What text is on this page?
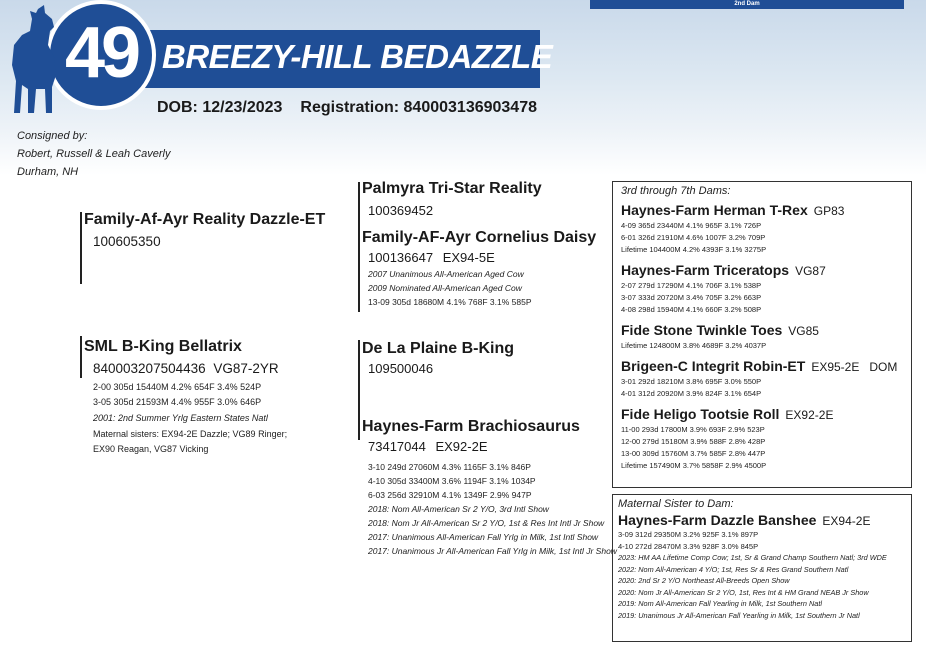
2nd Dam
49 BREEZY-HILL BEDAZZLE
DOB: 12/23/2023 Registration: 840003136903478
Consigned by:
Robert, Russell & Leah Caverly
Durham, NH
Family-Af-Ayr Reality Dazzle-ET
100605350
SML B-King Bellatrix
840003207504436 VG87-2YR
2-00 305d 15440M 4.2% 654F 3.4% 524P
3-05 305d 21593M 4.4% 955F 3.0% 646P
2001: 2nd Summer Yrlg Eastern States Natl
Maternal sisters: EX94-2E Dazzle; VG89 Ringer;
EX90 Reagan, VG87 Vicking
Palmyra Tri-Star Reality
100369452
Family-AF-Ayr Cornelius Daisy
100136647 EX94-5E
2007 Unanimous All-American Aged Cow
2009 Nominated All-American Aged Cow
13-09 305d 18680M 4.1% 768F 3.1% 585P
De La Plaine B-King
109500046
Haynes-Farm Brachiosaurus
73417044 EX92-2E
3-10 249d 27060M 4.3% 1165F 3.1% 846P
4-10 305d 33400M 3.6% 1194F 3.1% 1034P
6-03 256d 32910M 4.1% 1349F 2.9% 947P
2018: Nom All-American Sr 2 Y/O, 3rd Intl Show
2018: Nom Jr All-American Sr 2 Y/O, 1st & Res Int Intl Jr Show
2017: Unanimous All-American Fall Yrlg in Milk, 1st Intl Show
2017: Unanimous Jr All-American Fall Yrlg in Milk, 1st Intl Jr Show
3rd through 7th Dams:
Haynes-Farm Herman T-Rex GP83
4-09 365d 23440M 4.1% 965F 3.1% 726P
6-01 326d 21910M 4.6% 1007F 3.2% 709P
Lifetime 104400M 4.2% 4393F 3.1% 3275P
Haynes-Farm Triceratops VG87
2-07 279d 17290M 4.1% 706F 3.1% 538P
3-07 333d 20720M 3.4% 705F 3.2% 663P
4-08 298d 15940M 4.1% 660F 3.2% 508P
Fide Stone Twinkle Toes VG85
Lifetime 124800M 3.8% 4689F 3.2% 4037P
Brigeen-C Integrit Robin-ET EX95-2E   DOM
3-01 292d 18210M 3.8% 695F 3.0% 550P
4-01 312d 20920M 3.9% 824F 3.1% 654P
Fide Heligo Tootsie Roll EX92-2E
11-00 293d 17800M 3.9% 693F 2.9% 523P
12-00 279d 15180M 3.9% 588F 2.8% 428P
13-00 309d 15760M 3.7% 585F 2.8% 447P
Lifetime 157490M 3.7% 5858F 2.9% 4500P
Maternal Sister to Dam:
Haynes-Farm Dazzle Banshee EX94-2E
3-09 312d 29350M 3.2% 925F 3.1% 897P
4-10 272d 28470M 3.3% 928F 3.0% 845P
2023: HM AA Lifetime Comp Cow; 1st, Sr & Grand Champ Southern Natl; 3rd WDE
2022: Nom All-American 4 Y/O; 1st, Res Sr & Res Grand Southern Natl
2020: 2nd Sr 2 Y/O Northeast All-Breeds Open Show
2020: Nom Jr All-American Sr 2 Y/O, 1st, Res Int & HM Grand NEAB Jr Show
2019: Nom All-American Fall Yearling in Milk, 1st Southern Natl
2019: Unanimous Jr All-American Fall Yearling in Milk, 1st Southern Jr Natl
